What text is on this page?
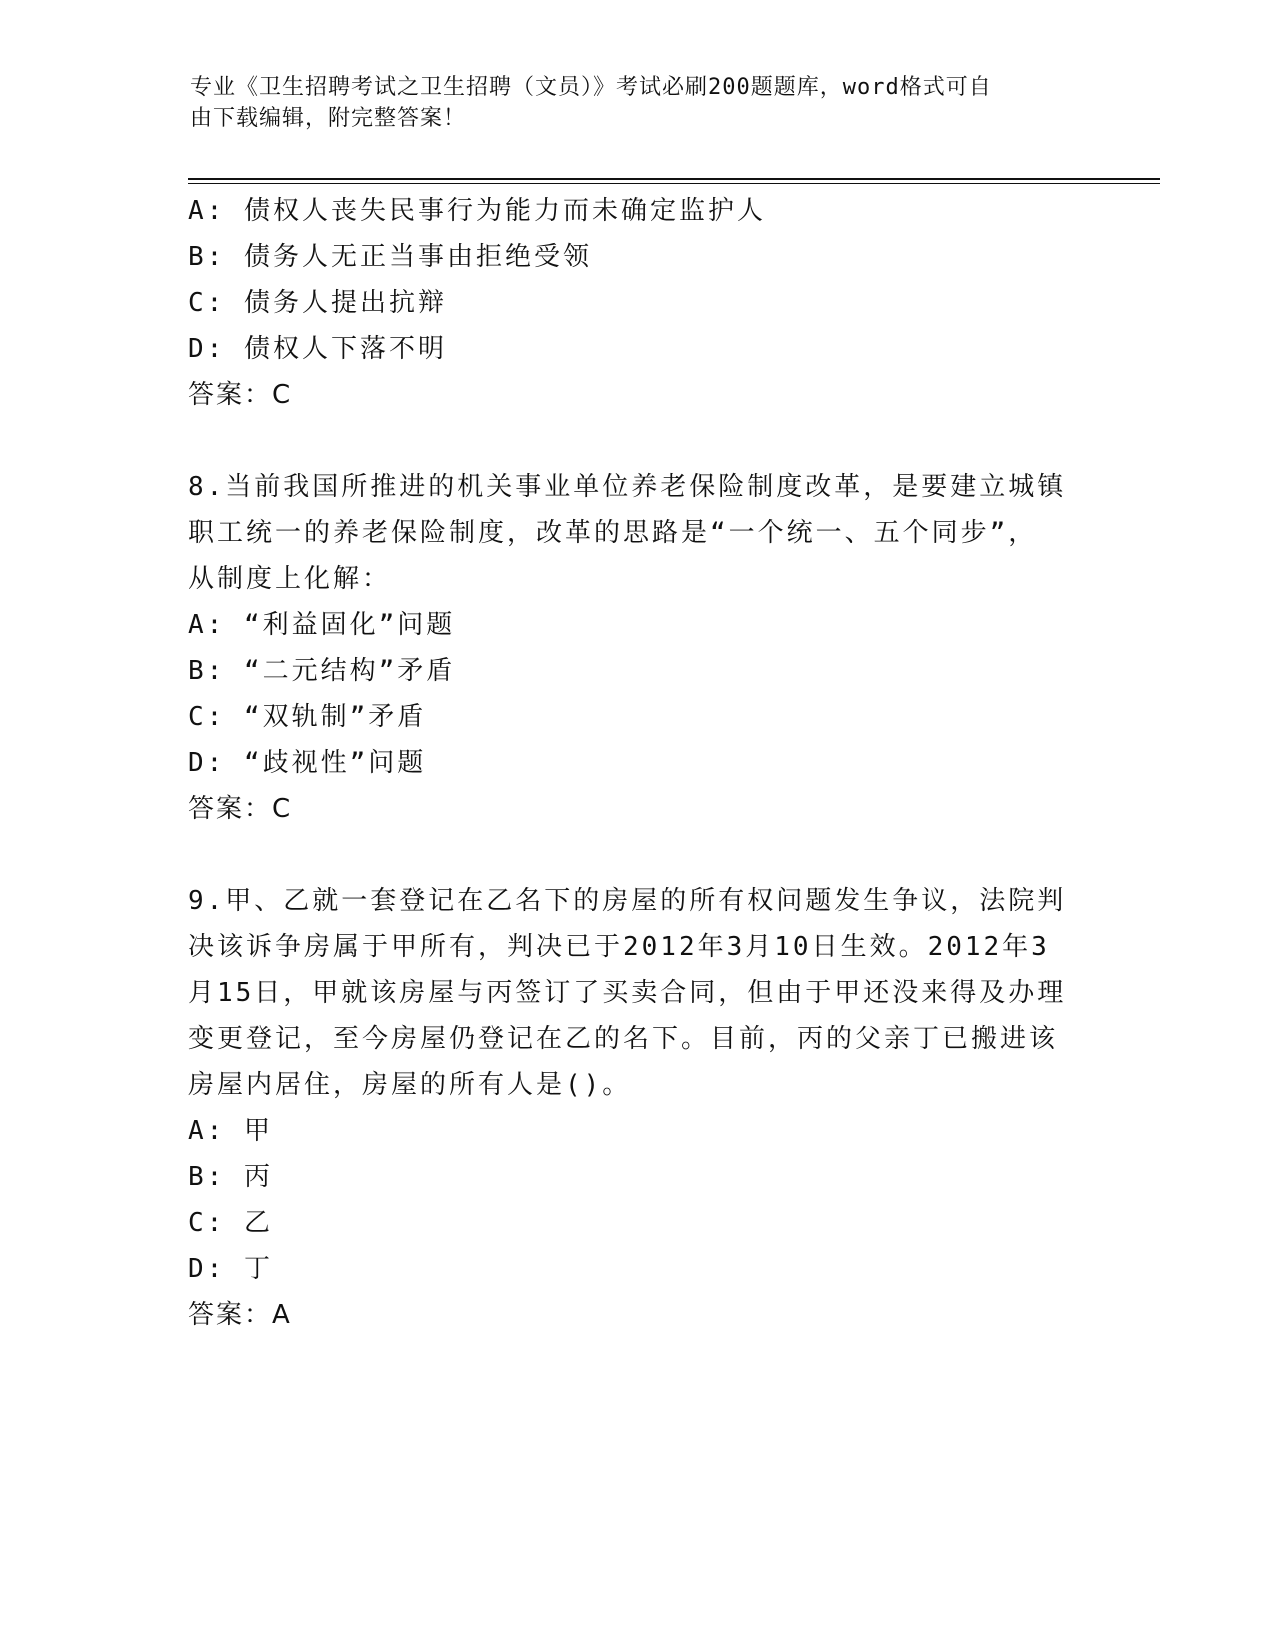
专业《卫生招聘考试之卫生招聘（文员）》考试必刷200题题库，word格式可自
由下载编辑，附完整答案！
A: 债权人丧失民事行为能力而未确定监护人
B: 债务人无正当事由拒绝受领
C: 债务人提出抗辩
D: 债权人下落不明
答案：C
8.当前我国所推进的机关事业单位养老保险制度改革，是要建立城镇
职工统一的养老保险制度，改革的思路是“一个统一、五个同步”，
从制度上化解：
A: “利益固化”问题
B: “二元结构”矛盾
C: “双轨制”矛盾
D: “歧视性”问题
答案：C
9.甲、乙就一套登记在乙名下的房屋的所有权问题发生争议，法院判
决该诉争房属于甲所有，判决已于2012年3月10日生效。2012年3
月15日，甲就该房屋与丙签订了买卖合同，但由于甲还没来得及办理
变更登记，至今房屋仍登记在乙的名下。目前，丙的父亲丁已搬进该
房屋内居住，房屋的所有人是()。
A: 甲
B: 丙
C: 乙
D: 丁
答案：A
